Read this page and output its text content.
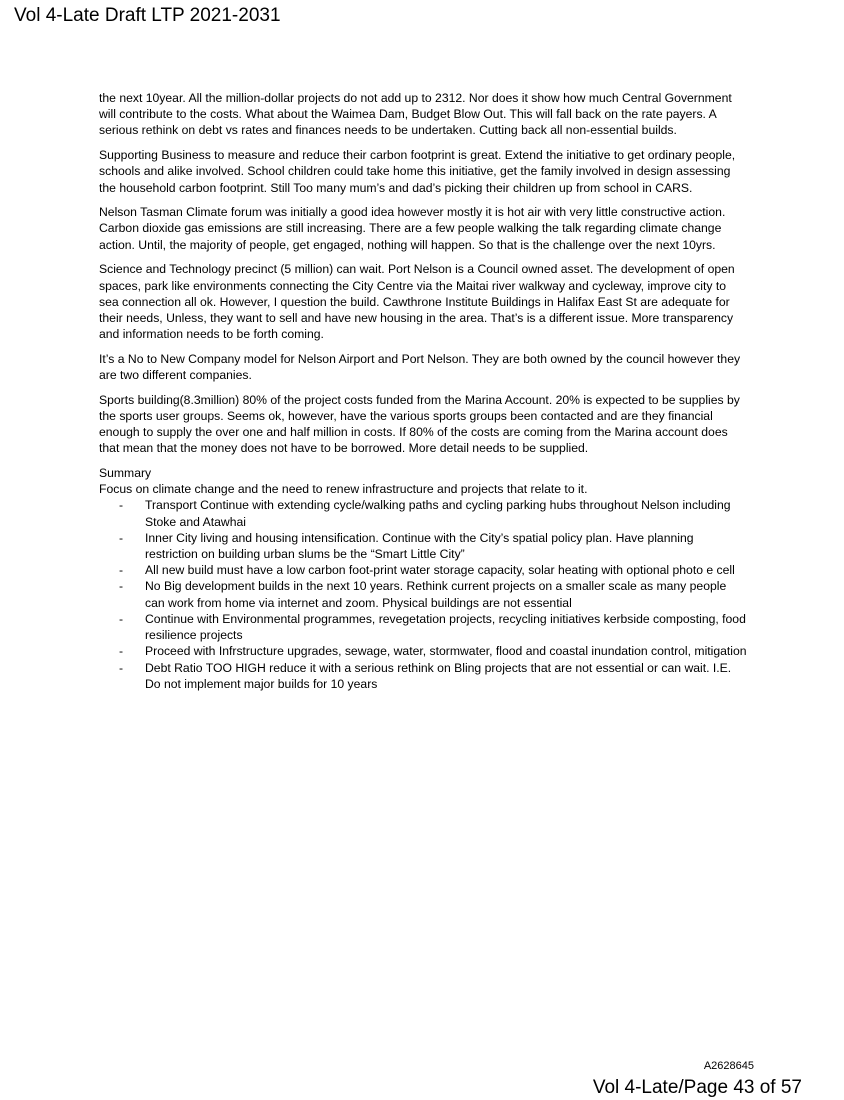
Vol 4-Late Draft LTP 2021-2031

the next 10year. All the million-dollar projects do not add up to 2312. Nor does it show how much Central Government will contribute to the costs. What about the Waimea Dam, Budget Blow Out. This will fall back on the rate payers. A serious rethink on debt vs rates and finances needs to be undertaken. Cutting back all non-essential builds.

Supporting Business to measure and reduce their carbon footprint is great. Extend the initiative to get ordinary people, schools and alike involved. School children could take home this initiative, get the family involved in design assessing the household carbon footprint. Still Too many mum’s and dad’s picking their children up from school in CARS.

Nelson Tasman Climate forum was initially a good idea however mostly it is hot air with very little constructive action. Carbon dioxide gas emissions are still increasing. There are a few people walking the talk regarding climate change action. Until, the majority of people, get engaged, nothing will happen. So that is the challenge over the next 10yrs.

Science and Technology precinct (5 million) can wait. Port Nelson is a Council owned asset. The development of open spaces, park like environments connecting the City Centre via the Maitai river walkway and cycleway, improve city to sea connection all ok. However, I question the build. Cawthrone Institute Buildings in Halifax East St are adequate for their needs, Unless, they want to sell and have new housing in the area. That’s is a different issue. More transparency and information needs to be forth coming.

It’s a No to New Company model for Nelson Airport and Port Nelson. They are both owned by the council however they are two different companies.

Sports building(8.3million) 80% of the project costs funded from the Marina Account. 20% is expected to be supplies by the sports user groups. Seems ok, however, have the various sports groups been contacted and are they financial enough to supply the over one and half million in costs. If 80% of the costs are coming from the Marina account does that mean that the money does not have to be borrowed. More detail needs to be supplied.

Summary

Focus on climate change and the need to renew infrastructure and projects that relate to it.

- Transport Continue with extending cycle/walking paths and cycling parking hubs throughout Nelson including Stoke and Atawhai
- Inner City living and housing intensification. Continue with the City’s spatial policy plan. Have planning restriction on building urban slums be the “Smart Little City”
- All new build must have a low carbon foot-print water storage capacity, solar heating with optional photo e cell
- No Big development builds in the next 10 years. Rethink current projects on a smaller scale as many people can work from home via internet and zoom. Physical buildings are not essential
- Continue with Environmental programmes, revegetation projects, recycling initiatives kerbside composting, food resilience projects
- Proceed with Infrstructure upgrades, sewage, water, stormwater, flood and coastal inundation control, mitigation
- Debt Ratio TOO HIGH reduce it with a serious rethink on Bling projects that are not essential or can wait. I.E. Do not implement major builds for 10 years
A2628645
Vol 4-Late/Page 43 of 57
